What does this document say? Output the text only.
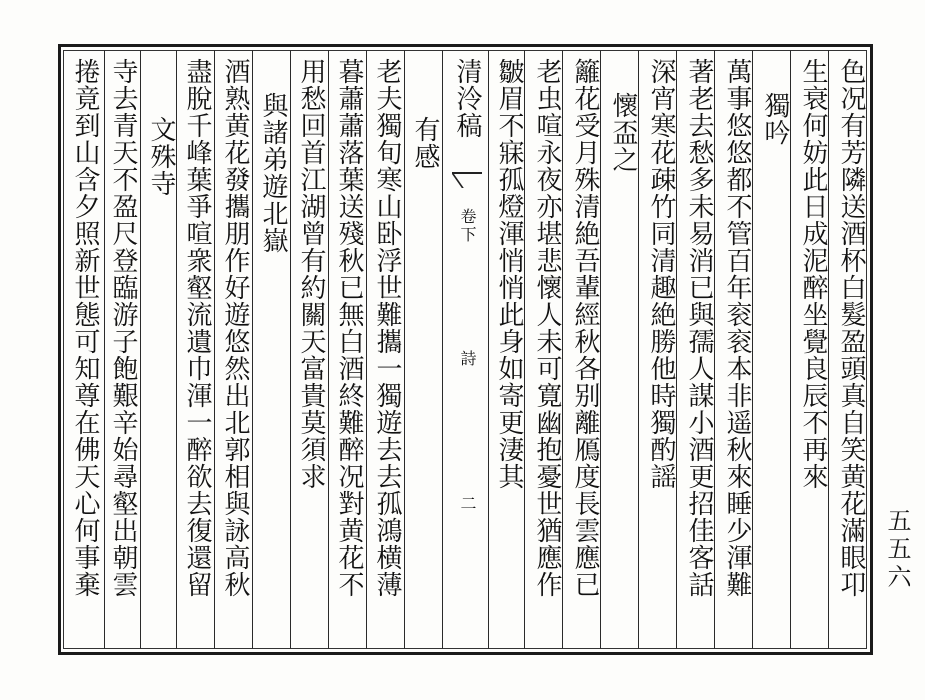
色况有芳隣送酒杯白髮盈頭真自笑黄花滿眼卭

生衰何妨此日成泥醉坐覺良辰不再來

獨吟

萬事悠悠都不管百年衮衮本非遥秋來睡少渾難

著老去愁多未易消已與孺人謀小酒更招佳客話

深宵寒花疎竹同清趣絶勝他時獨酌謡

懷盃之

籬花受月殊清絶吾輩經秋各别離鴈度長雲應已

老虫喧永夜亦堪悲懷人未可寛幽抱憂世猶應作

皺眉不寐孤燈渾悄悄此身如寄更淒其

清泠稿

卷下

詩

二

有感

老夫獨旬寒山卧浮世難攜一獨遊去去孤鴻横薄

暮蕭蕭落葉送殘秋已無白酒終難醉况對黄花不

用愁回首江湖曾有約關天富貴莫須求

與諸弟遊北嶽

酒熟黄花發攜朋作好遊悠然出北郭相與詠高秋

盡脫千峰葉爭喧衆壑流遺巾渾一醉欲去復還留

文殊寺

寺去青天不盈尺登臨游子飽艱辛始尋壑出朝雲

捲竟到山含夕照新世態可知尊在佛天心何事棄	五五六
